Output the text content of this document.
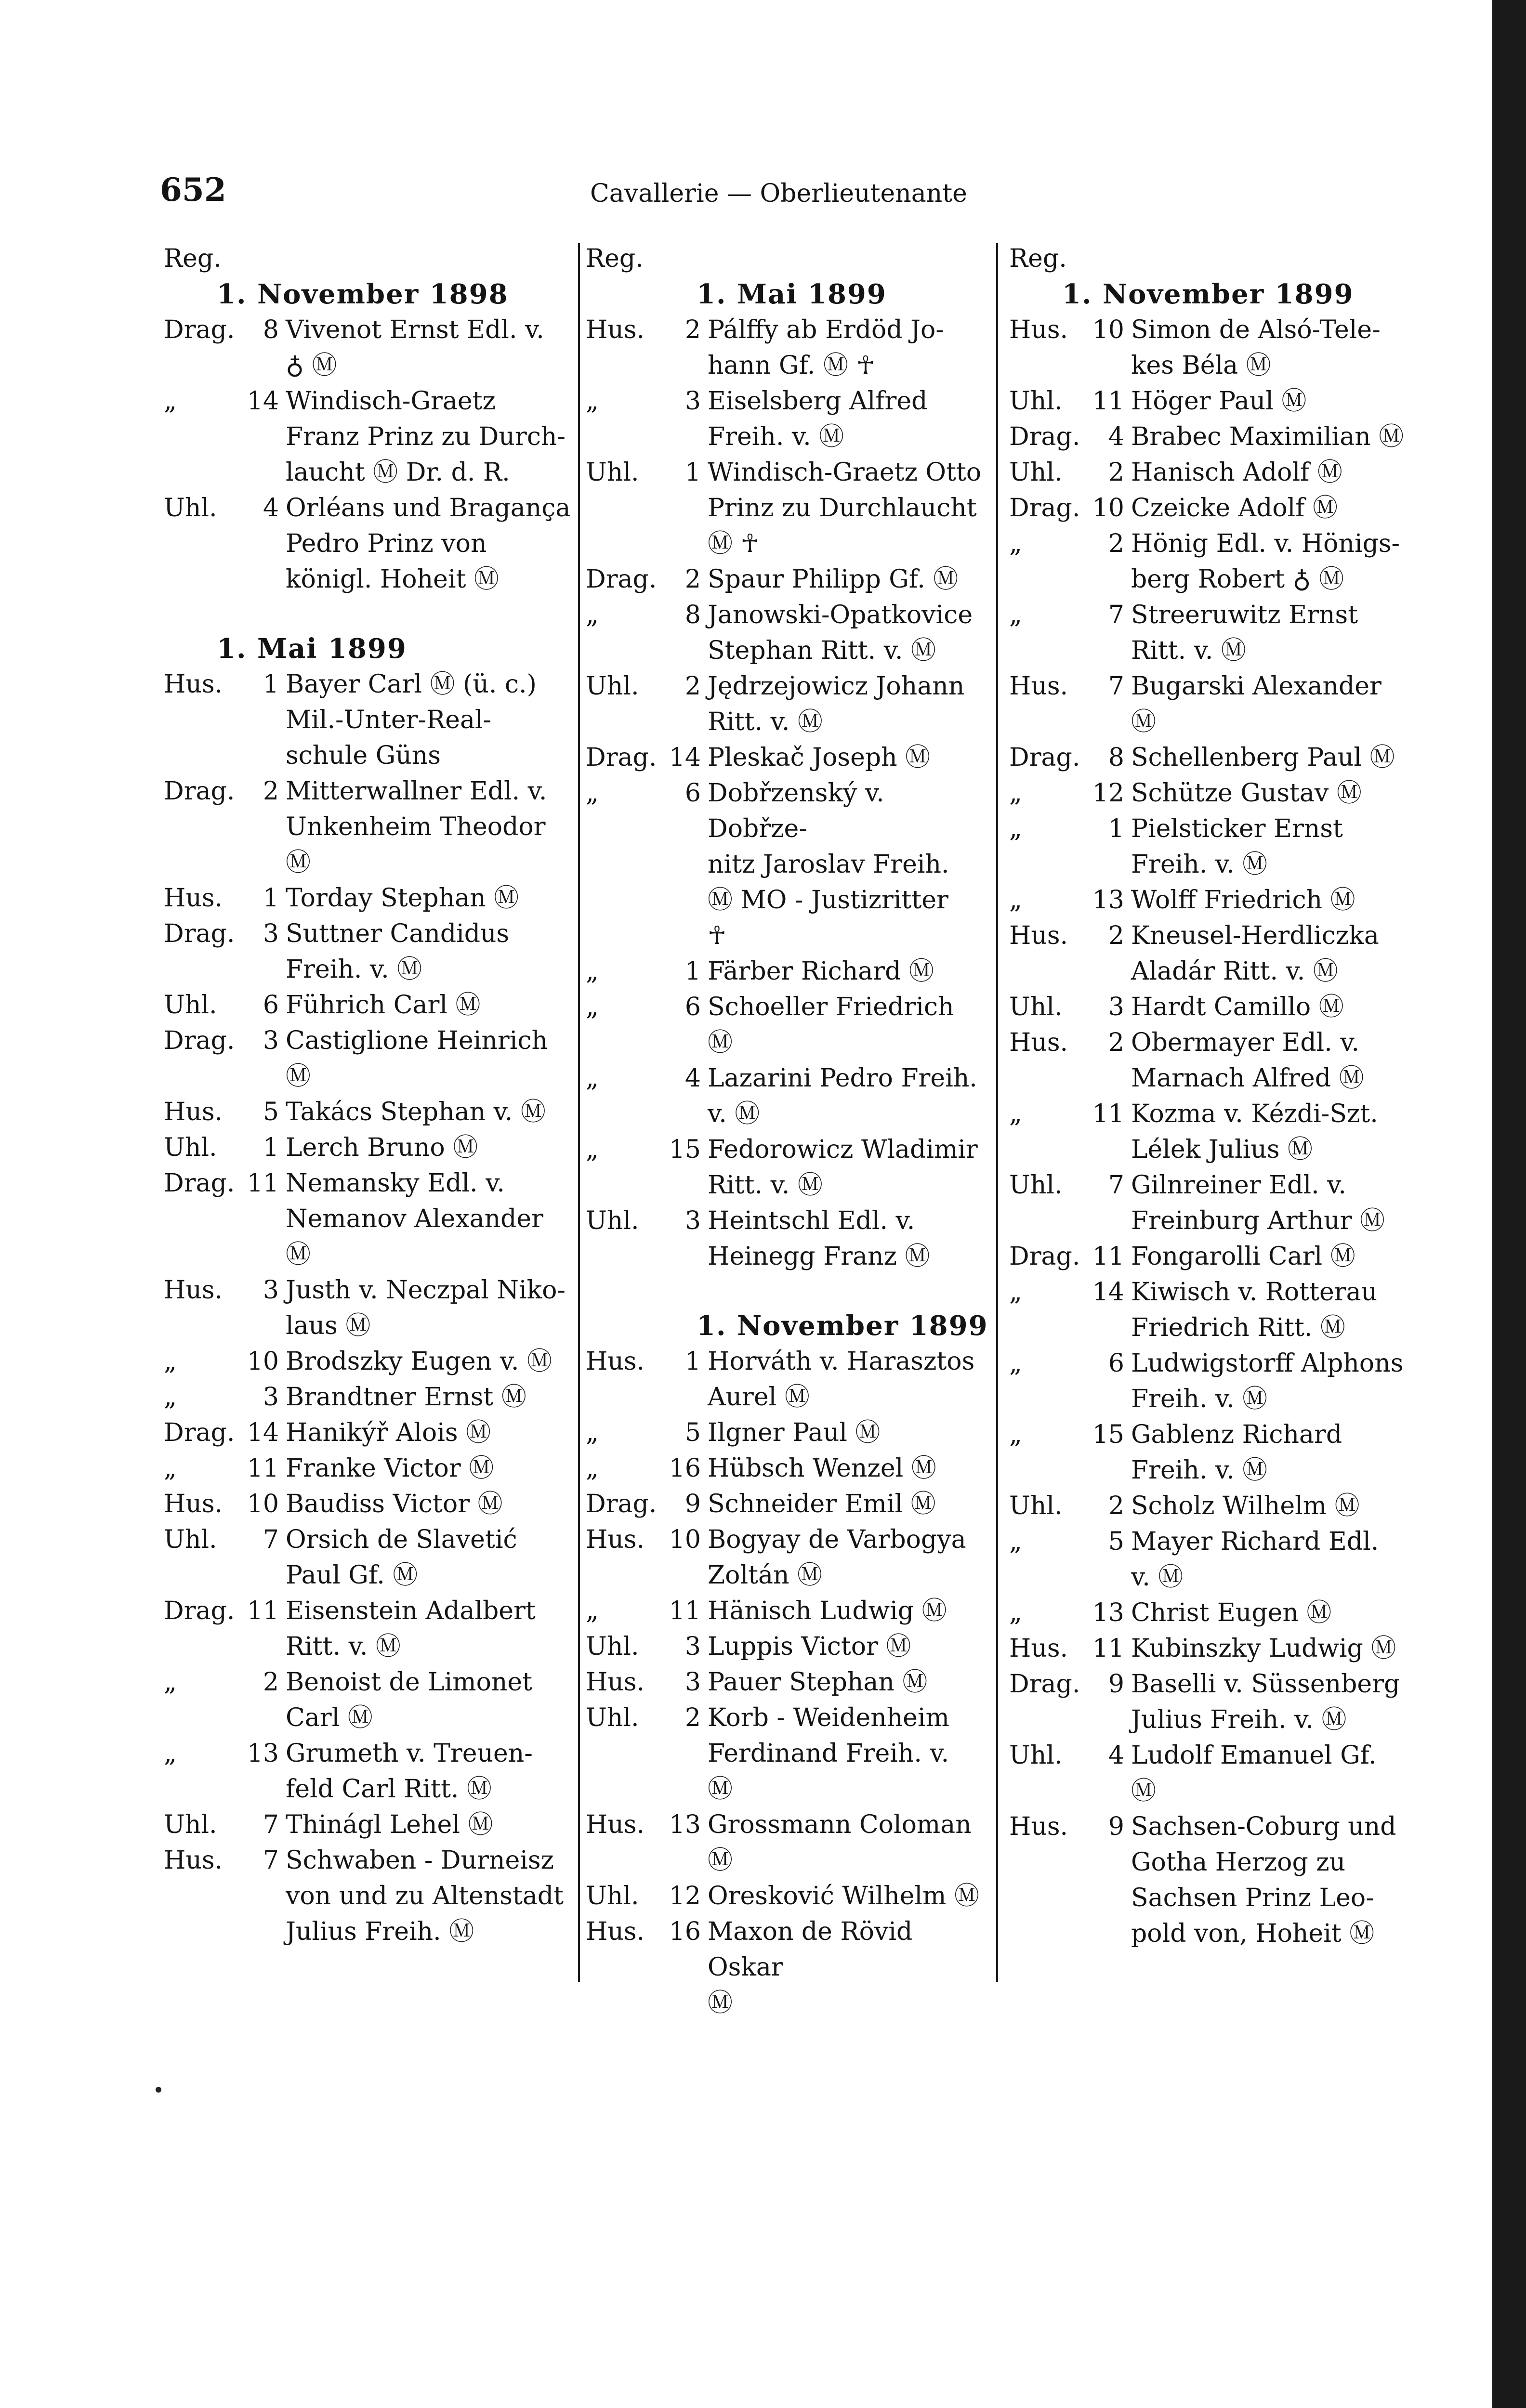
652	Cavallerie — Oberlieutenante
Reg.
1. November 1898
Drag.	8 Vivenot Ernst Edl. v.
♁ Ⓜ
„	14 Windisch-Graetz
Franz Prinz zu Durch-
laucht Ⓜ Dr. d. R.
Uhl.	4 Orléans und Bragança
Pedro Prinz von
königl. Hoheit Ⓜ
1. Mai 1899
Hus.	1 Bayer Carl Ⓜ (ü. c.)
Mil.-Unter-Real-
schule Güns
Drag.	2 Mitterwallner Edl. v.
Unkenheim Theodor
Ⓜ
Hus.	1 Torday Stephan Ⓜ
Drag.	3 Suttner Candidus
Freih. v. Ⓜ
Uhl.	6 Führich Carl Ⓜ
Drag.	3 Castiglione Heinrich
Ⓜ
Hus.	5 Takács Stephan v. Ⓜ
Uhl.	1 Lerch Bruno Ⓜ
Drag. 11 Nemansky Edl. v.
Nemanov Alexander
Ⓜ
Hus.	3 Justh v. Neczpal Niko-
laus Ⓜ
„	10 Brodszky Eugen v. Ⓜ
„	3 Brandtner Ernst Ⓜ
Drag. 14 Hanikýř Alois Ⓜ
„	11 Franke Victor Ⓜ
Hus. 10 Baudiss Victor Ⓜ
Uhl.	7 Orsich de Slavetić
Paul Gf. Ⓜ
Drag. 11 Eisenstein Adalbert
Ritt. v. Ⓜ
„	2 Benoist de Limonet
Carl Ⓜ
„	13 Grumeth v. Treuen-
feld Carl Ritt. Ⓜ
Uhl.	7 Thinágl Lehel Ⓜ
Hus.	7 Schwaben - Durneisz
von und zu Altenstadt
Julius Freih. Ⓜ
Reg.
1. Mai 1899
Hus.	2 Pálffy ab Erdöd Jo-
hann Gf. Ⓜ ☥
„	3 Eiselsberg Alfred
Freih. v. Ⓜ
Uhl.	1 Windisch-Graetz Otto
Prinz zu Durchlaucht
Ⓜ ☥
Drag.	2 Spaur Philipp Gf. Ⓜ
„	8 Janowski-Opatkovice
Stephan Ritt. v. Ⓜ
Uhl.	2 Jędrzejowicz Johann
Ritt. v. Ⓜ
Drag. 14 Pleskač Joseph Ⓜ
„	6 Dobřzenský v. Dobřze-
nitz Jaroslav Freih.
Ⓜ MO - Justizritter
☥
„	1 Färber Richard Ⓜ
„	6 Schoeller Friedrich
Ⓜ
„	4 Lazarini Pedro Freih.
v. Ⓜ
„	15 Fedorowicz Wladimir
Ritt. v. Ⓜ
Uhl.	3 Heintschl Edl. v.
Heinegg Franz Ⓜ
1. November 1899
Hus.	1 Horváth v. Harasztos
Aurel Ⓜ
„	5 Ilgner Paul Ⓜ
„	16 Hübsch Wenzel Ⓜ
Drag.	9 Schneider Emil Ⓜ
Hus. 10 Bogyay de Varbogya
Zoltán Ⓜ
„	11 Hänisch Ludwig Ⓜ
Uhl.	3 Luppis Victor Ⓜ
Hus.	3 Pauer Stephan Ⓜ
Uhl.	2 Korb - Weidenheim
Ferdinand Freih. v.
Ⓜ
Hus. 13 Grossmann Coloman
Ⓜ
Uhl.	12 Oresković Wilhelm Ⓜ
Hus. 16 Maxon de Rövid Oskar
Ⓜ
Reg.
1. November 1899
Hus. 10 Simon de Alsó-Tele-
kes Béla Ⓜ
Uhl.	11 Höger Paul Ⓜ
Drag.	4 Brabec Maximilian Ⓜ
Uhl.	2 Hanisch Adolf Ⓜ
Drag. 10 Czeicke Adolf Ⓜ
„	2 Hönig Edl. v. Hönigs-
berg Robert ♁ Ⓜ
„	7 Streeruwitz Ernst
Ritt. v. Ⓜ
Hus.	7 Bugarski Alexander
Ⓜ
Drag.	8 Schellenberg Paul Ⓜ
„	12 Schütze Gustav Ⓜ
„	1 Pielsticker Ernst
Freih. v. Ⓜ
„	13 Wolff Friedrich Ⓜ
Hus.	2 Kneusel-Herdliczka
Aladár Ritt. v. Ⓜ
Uhl.	3 Hardt Camillo Ⓜ
Hus.	2 Obermayer Edl. v.
Marnach Alfred Ⓜ
„	11 Kozma v. Kézdi-Szt.
Lélek Julius Ⓜ
Uhl.	7 Gilnreiner Edl. v.
Freinburg Arthur Ⓜ
Drag. 11 Fongarolli Carl Ⓜ
„	14 Kiwisch v. Rotterau
Friedrich Ritt. Ⓜ
„	6 Ludwigstorff Alphons
Freih. v. Ⓜ
„	15 Gablenz Richard
Freih. v. Ⓜ
Uhl.	2 Scholz Wilhelm Ⓜ
„	5 Mayer Richard Edl.
v. Ⓜ
„	13 Christ Eugen Ⓜ
Hus. 11 Kubinszky Ludwig Ⓜ
Drag.	9 Baselli v. Süssenberg
Julius Freih. v. Ⓜ
Uhl.	4 Ludolf Emanuel Gf.
Ⓜ
Hus.	9 Sachsen-Coburg und
Gotha Herzog zu
Sachsen Prinz Leo-
pold von, Hoheit Ⓜ
